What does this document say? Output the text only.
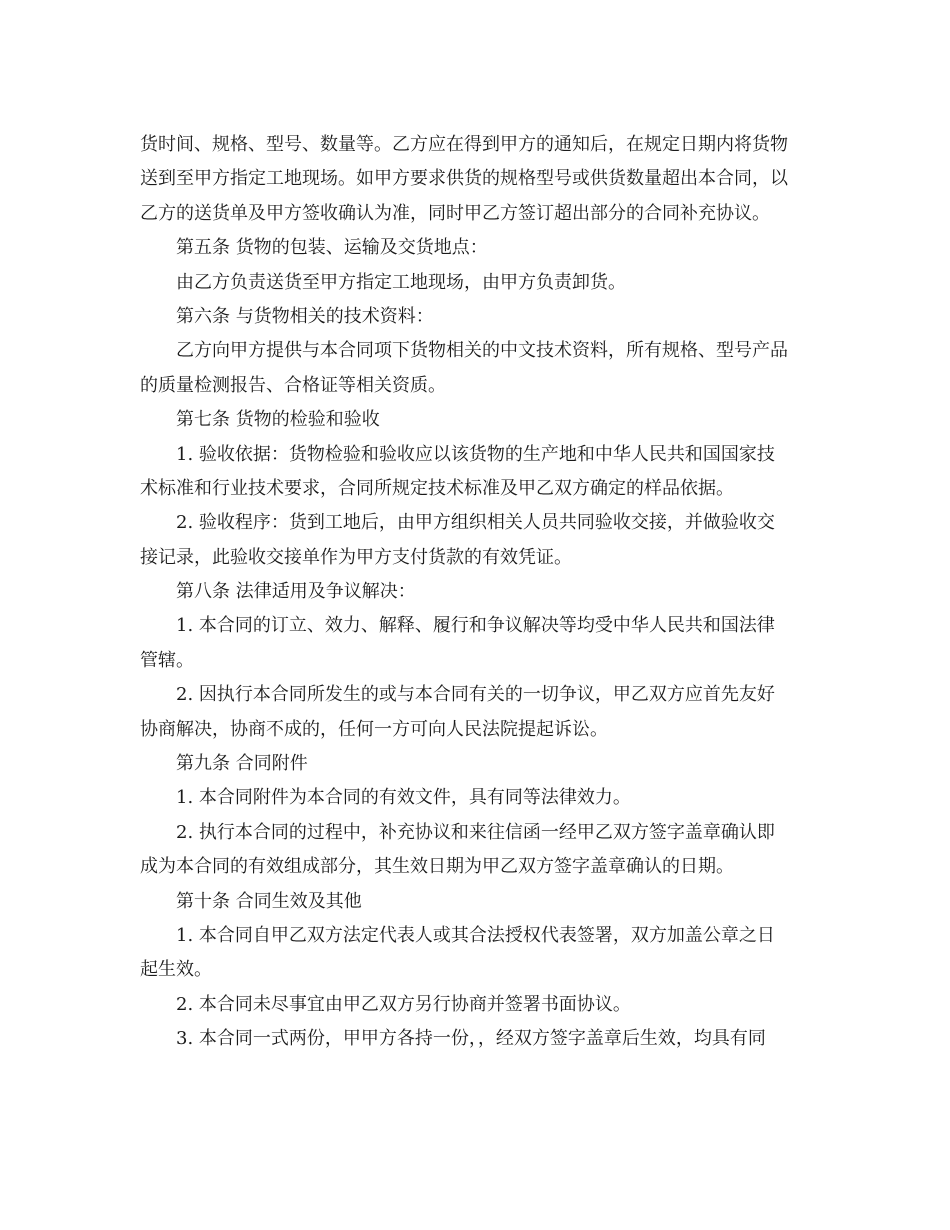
货时间、规格、型号、数量等。乙方应在得到甲方的通知后，在规定日期内将货物
送到至甲方指定工地现场。如甲方要求供货的规格型号或供货数量超出本合同，以
乙方的送货单及甲方签收确认为准，同时甲乙方签订超出部分的合同补充协议。
第五条 货物的包装、运输及交货地点：
由乙方负责送货至甲方指定工地现场，由甲方负责卸货。
第六条 与货物相关的技术资料：
乙方向甲方提供与本合同项下货物相关的中文技术资料，所有规格、型号产品
的质量检测报告、合格证等相关资质。
第七条 货物的检验和验收
1. 验收依据：货物检验和验收应以该货物的生产地和中华人民共和国国家技
术标准和行业技术要求，合同所规定技术标准及甲乙双方确定的样品依据。
2. 验收程序：货到工地后，由甲方组织相关人员共同验收交接，并做验收交
接记录，此验收交接单作为甲方支付货款的有效凭证。
第八条 法律适用及争议解决：
1. 本合同的订立、效力、解释、履行和争议解决等均受中华人民共和国法律
管辖。
2. 因执行本合同所发生的或与本合同有关的一切争议，甲乙双方应首先友好
协商解决，协商不成的，任何一方可向人民法院提起诉讼。
第九条 合同附件
1. 本合同附件为本合同的有效文件，具有同等法律效力。
2. 执行本合同的过程中，补充协议和来往信函一经甲乙双方签字盖章确认即
成为本合同的有效组成部分，其生效日期为甲乙双方签字盖章确认的日期。
第十条 合同生效及其他
1. 本合同自甲乙双方法定代表人或其合法授权代表签署，双方加盖公章之日
起生效。
2. 本合同未尽事宜由甲乙双方另行协商并签署书面协议。
3. 本合同一式两份，甲甲方各持一份，，经双方签字盖章后生效，均具有同
